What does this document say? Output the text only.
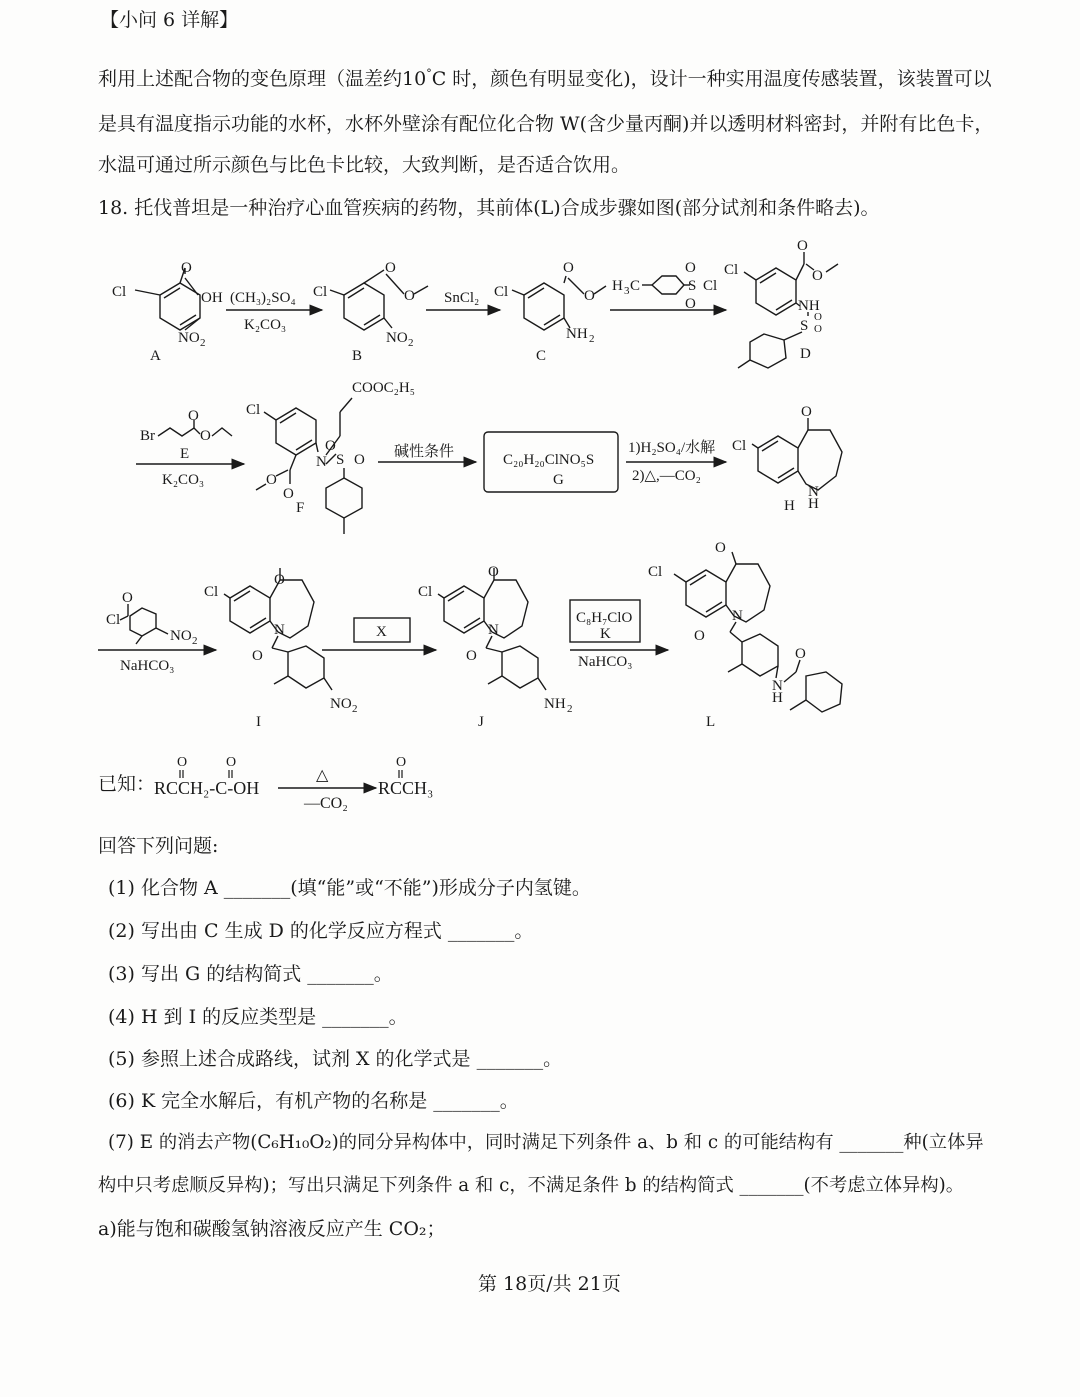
【小问 6 详解】
利用上述配合物的变色原理（温差约10°C 时，颜色有明显变化)，设计一种实用温度传感装置，该装置可以
是具有温度指示功能的水杯，水杯外壁涂有配位化合物 W(含少量丙酮)并以透明材料密封，并附有比色卡，
水温可通过所示颜色与比色卡比较，大致判断，是否适合饮用。
18. 托伐普坦是一种治疗心血管疾病的药物，其前体(L)合成步骤如图(部分试剂和条件略去)。
Cl
O
OH
NO 2
A
(CH₃)₂SO₄
K₂CO₃
Cl
O
O
NO 2
B
SnCl₂ Cl
O
O
NH 2
C
H 3 C	S
O
O
Cl
Cl
O
O
NH
S
O
O
D
Br
O
O
E
K₂CO₃
Cl
N
COOC₂H₅
O
O
S O
O
F
碱性条件	C₂₀H₂₀ClNO₅S
G
1)H₂SO₄/水解
2)△,—CO₂
Cl
O
N
H
H
Cl
O
NO 2
NaHCO₃
Cl
O
N
O
NO 2
I
X
Cl
O
N
O
NH 2
J
C₈H₇ClO
K
NaHCO₃
Cl
O
N
O
N
H
O
L
已知：
O	O
RCCH₂-C-OH
△
—CO₂
O
RCCH₃
回答下列问题:
(1) 化合物 A _______(填“能”或“不能”)形成分子内氢键。
(2) 写出由 C 生成 D 的化学反应方程式 _______。
(3) 写出 G 的结构简式 _______。
(4) H 到 I 的反应类型是 _______。
(5) 参照上述合成路线，试剂 X 的化学式是 _______。
(6) K 完全水解后，有机产物的名称是 _______。
(7) E 的消去产物(C₆H₁₀O₂)的同分异构体中，同时满足下列条件 a、b 和 c 的可能结构有 _______种(立体异
构中只考虑顺反异构)；写出只满足下列条件 a 和 c，不满足条件 b 的结构简式 _______(不考虑立体异构)。
a)能与饱和碳酸氢钠溶液反应产生 CO₂；
第 18页/共 21页
